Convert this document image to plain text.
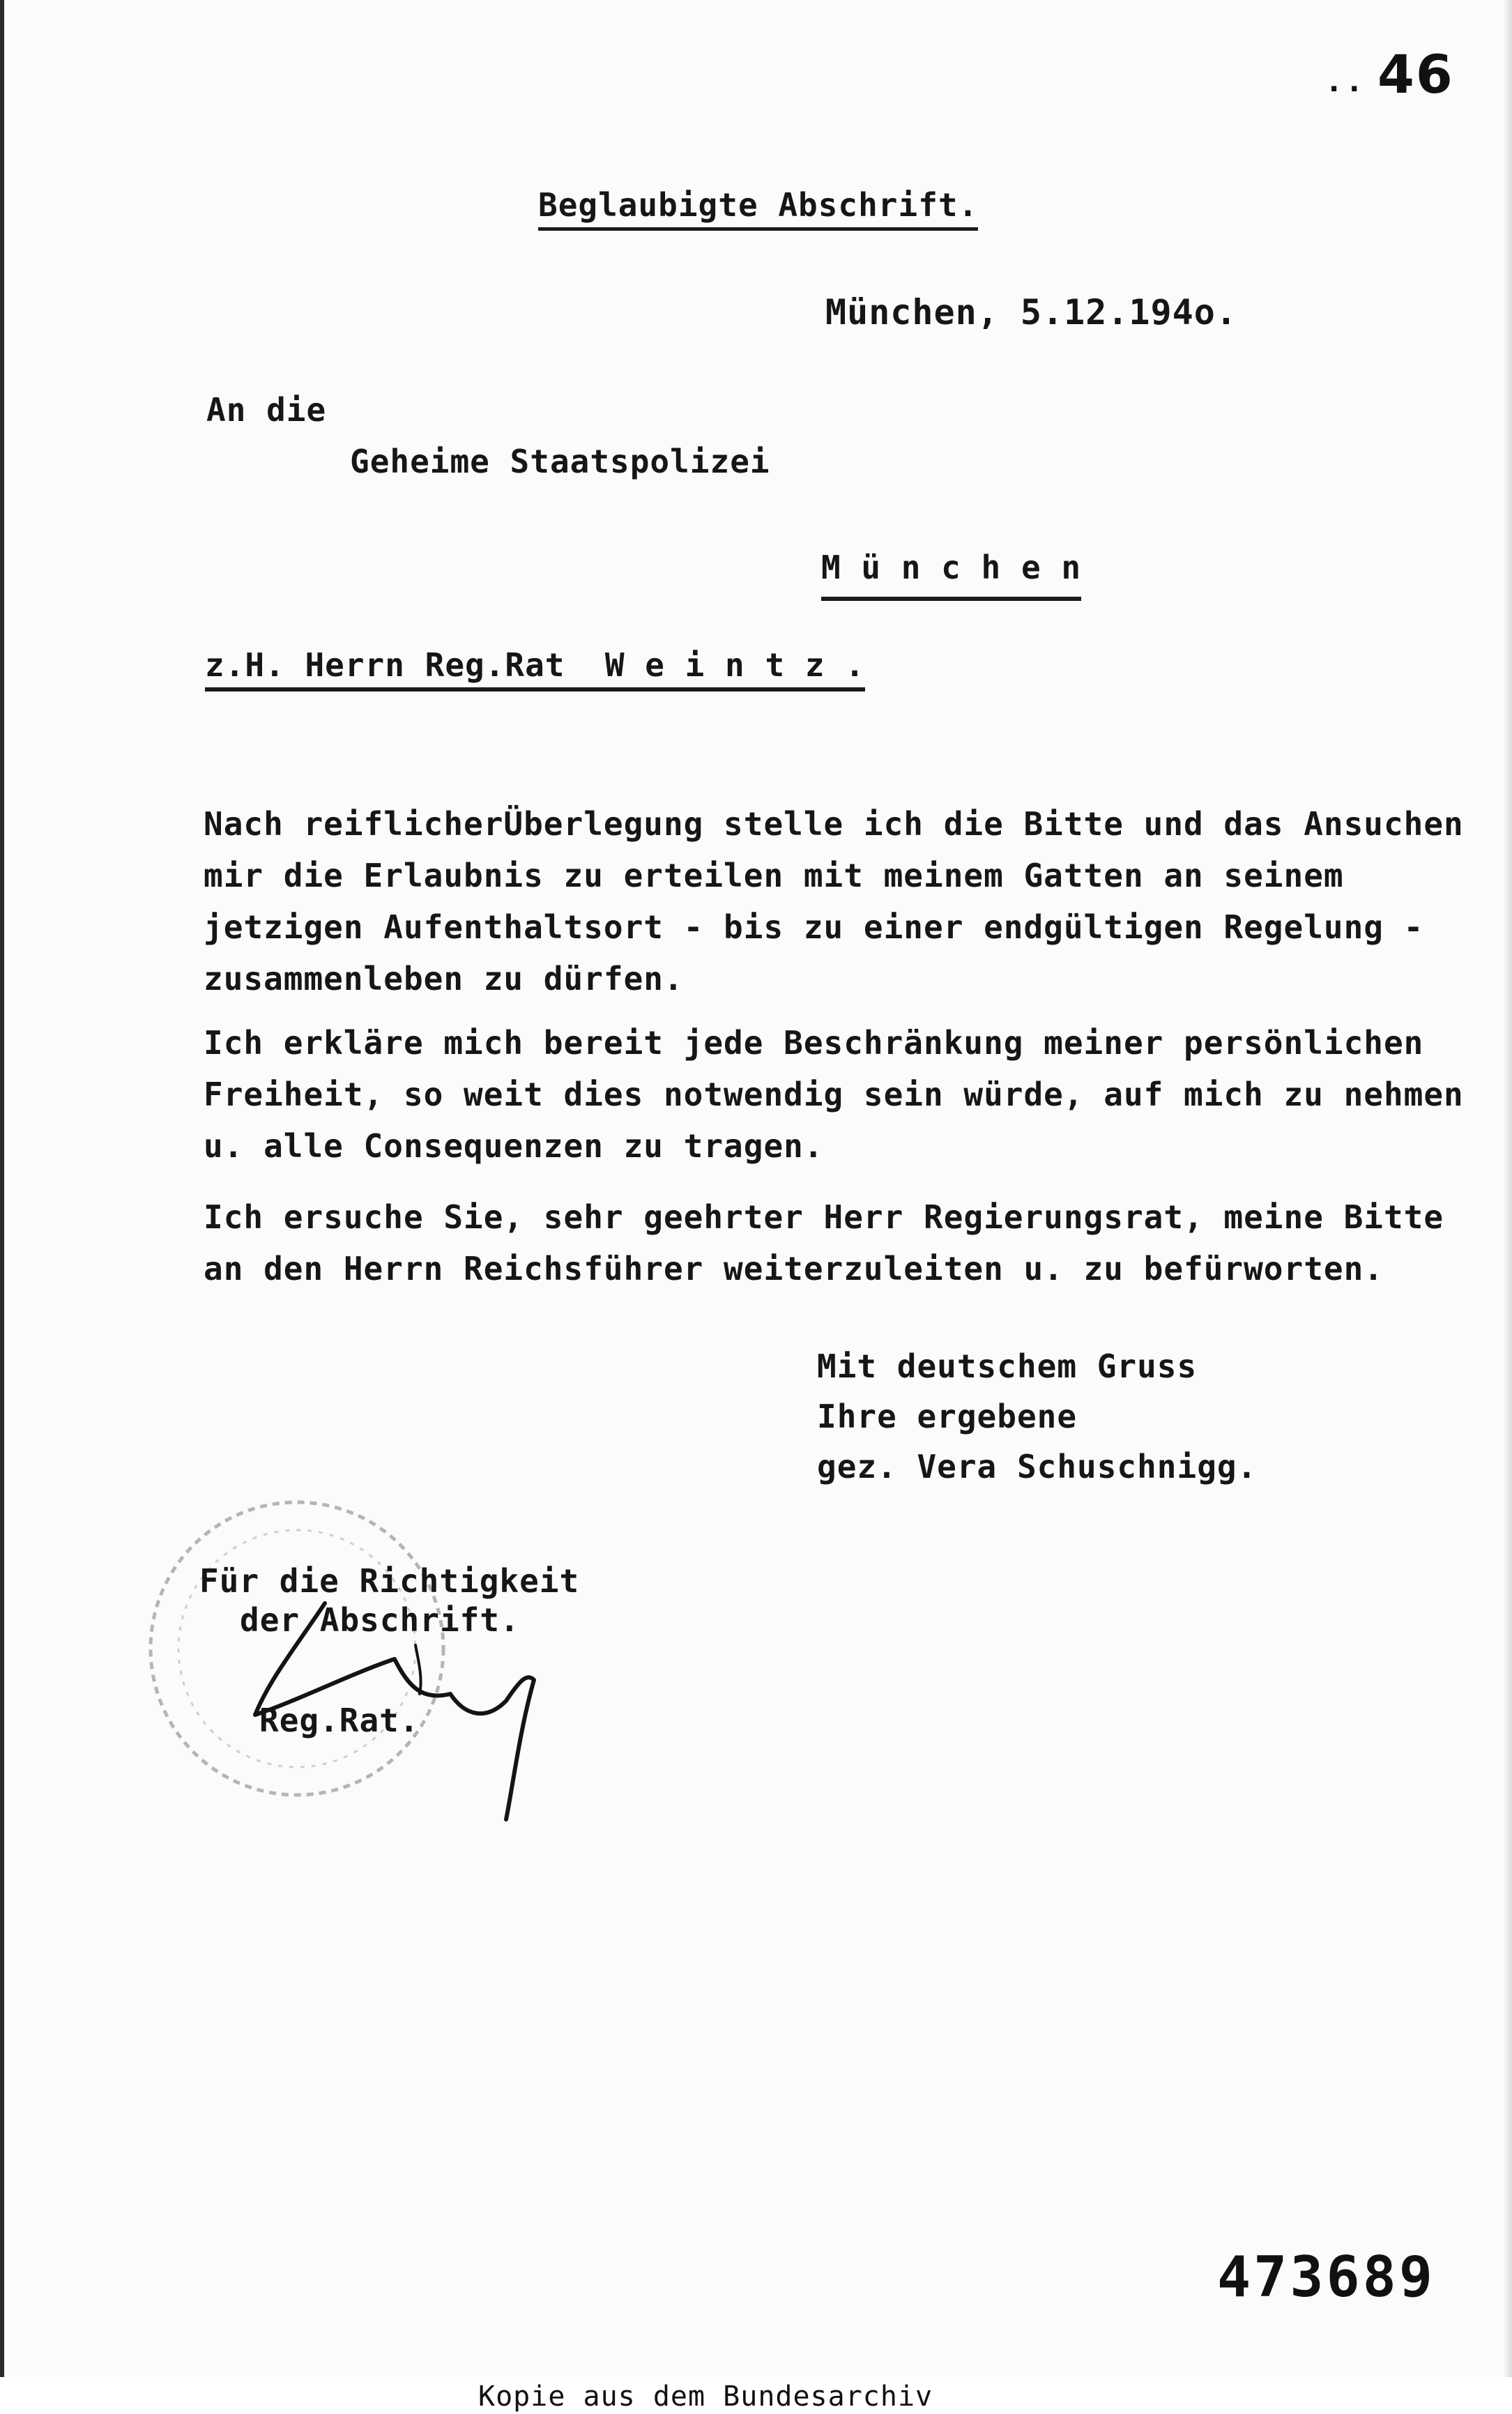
46
. .
Beglaubigte Abschrift.
München, 5.12.194o.
An die
Geheime Staatspolizei
M ü n c h e n
z.H. Herrn Reg.Rat  W e i n t z .
Nach reiflicherÜberlegung stelle ich die Bitte und das Ansuchen
mir die Erlaubnis zu erteilen mit meinem Gatten an seinem
jetzigen Aufenthaltsort - bis zu einer endgültigen Regelung -
zusammenleben zu dürfen.
Ich erkläre mich bereit jede Beschränkung meiner persönlichen
Freiheit, so weit dies notwendig sein würde, auf mich zu nehmen
u. alle Consequenzen zu tragen.
Ich ersuche Sie, sehr geehrter Herr Regierungsrat, meine Bitte
an den Herrn Reichsführer weiterzuleiten u. zu befürworten.
Mit deutschem Gruss
Ihre ergebene
gez. Vera Schuschnigg.
Für die Richtigkeit
der Abschrift.
Reg.Rat.
473689
Kopie aus dem Bundesarchiv
